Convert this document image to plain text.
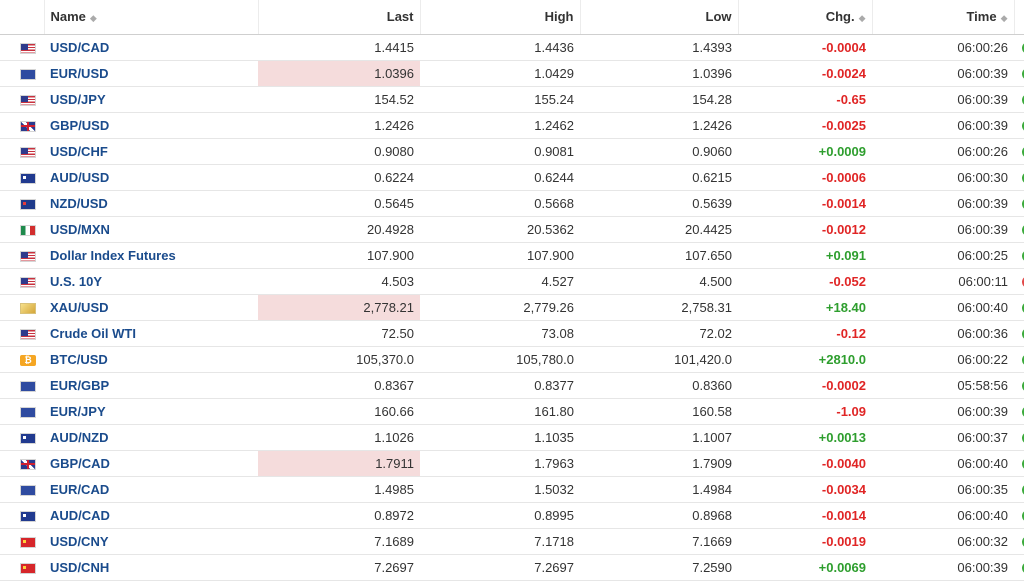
	Name ◆	Last	High	Low	Chg. ◆	Time ◆	
	USD/CAD	1.4415	1.4436	1.4393	-0.0004	06:00:26	
	EUR/USD	1.0396	1.0429	1.0396	-0.0024	06:00:39	
	USD/JPY	154.52	155.24	154.28	-0.65	06:00:39	
	GBP/USD	1.2426	1.2462	1.2426	-0.0025	06:00:39	
	USD/CHF	0.9080	0.9081	0.9060	+0.0009	06:00:26	
	AUD/USD	0.6224	0.6244	0.6215	-0.0006	06:00:30	
	NZD/USD	0.5645	0.5668	0.5639	-0.0014	06:00:39	
	USD/MXN	20.4928	20.5362	20.4425	-0.0012	06:00:39	
	Dollar Index Futures	107.900	107.900	107.650	+0.091	06:00:25	
	U.S. 10Y	4.503	4.527	4.500	-0.052	06:00:11	
	XAU/USD	2,778.21	2,779.26	2,758.31	+18.40	06:00:40	
	Crude Oil WTI	72.50	73.08	72.02	-0.12	06:00:36	
₿	BTC/USD	105,370.0	105,780.0	101,420.0	+2810.0	06:00:22	
	EUR/GBP	0.8367	0.8377	0.8360	-0.0002	05:58:56	
	EUR/JPY	160.66	161.80	160.58	-1.09	06:00:39	
	AUD/NZD	1.1026	1.1035	1.1007	+0.0013	06:00:37	
	GBP/CAD	1.7911	1.7963	1.7909	-0.0040	06:00:40	
	EUR/CAD	1.4985	1.5032	1.4984	-0.0034	06:00:35	
	AUD/CAD	0.8972	0.8995	0.8968	-0.0014	06:00:40	
	USD/CNY	7.1689	7.1718	7.1669	-0.0019	06:00:32	
	USD/CNH	7.2697	7.2697	7.2590	+0.0069	06:00:39	
